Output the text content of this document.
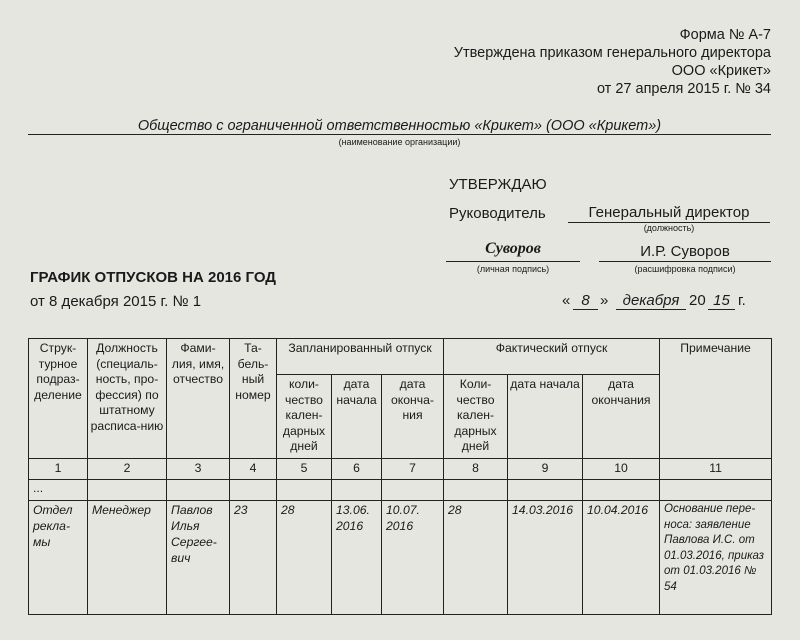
Форма № А-7
Утверждена приказом генерального директора
ООО «Крикет»
от 27 апреля 2015 г. № 34
Общество с ограниченной ответственностью «Крикет» (ООО «Крикет»)
(наименование организации)
УТВЕРЖДАЮ
Руководитель	Генеральный директор
(должность)
Суворов
(личная подпись)
И.Р. Суворов
(расшифровка подписи)
« 8 » декабря 20 15 г.
ГРАФИК ОТПУСКОВ НА 2016 ГОД
от 8 декабря 2015 г. № 1
Струк-турное подраз-деление	Должность (специаль-ность, про-фессия) по штатному расписа-нию	Фами-лия, имя, отчество	Та-бель-ный номер	Запланированный отпуск			Фактический отпуск			Примечание
				коли-чество кален-дарных дней	дата начала	дата оконча-ния	Коли-чество кален-дарных дней	дата начала	дата окончания	
1	2	3	4	5	6	7	8	9	10	11
...										
Отдел рекла-мы	Менеджер	Павлов Илья Сергее-вич	23	28	13.06. 2016	10.07. 2016	28	14.03.2016	10.04.2016	Основание пере-носа: заявление Павлова И.С. от 01.03.2016, приказ от 01.03.2016 № 54
